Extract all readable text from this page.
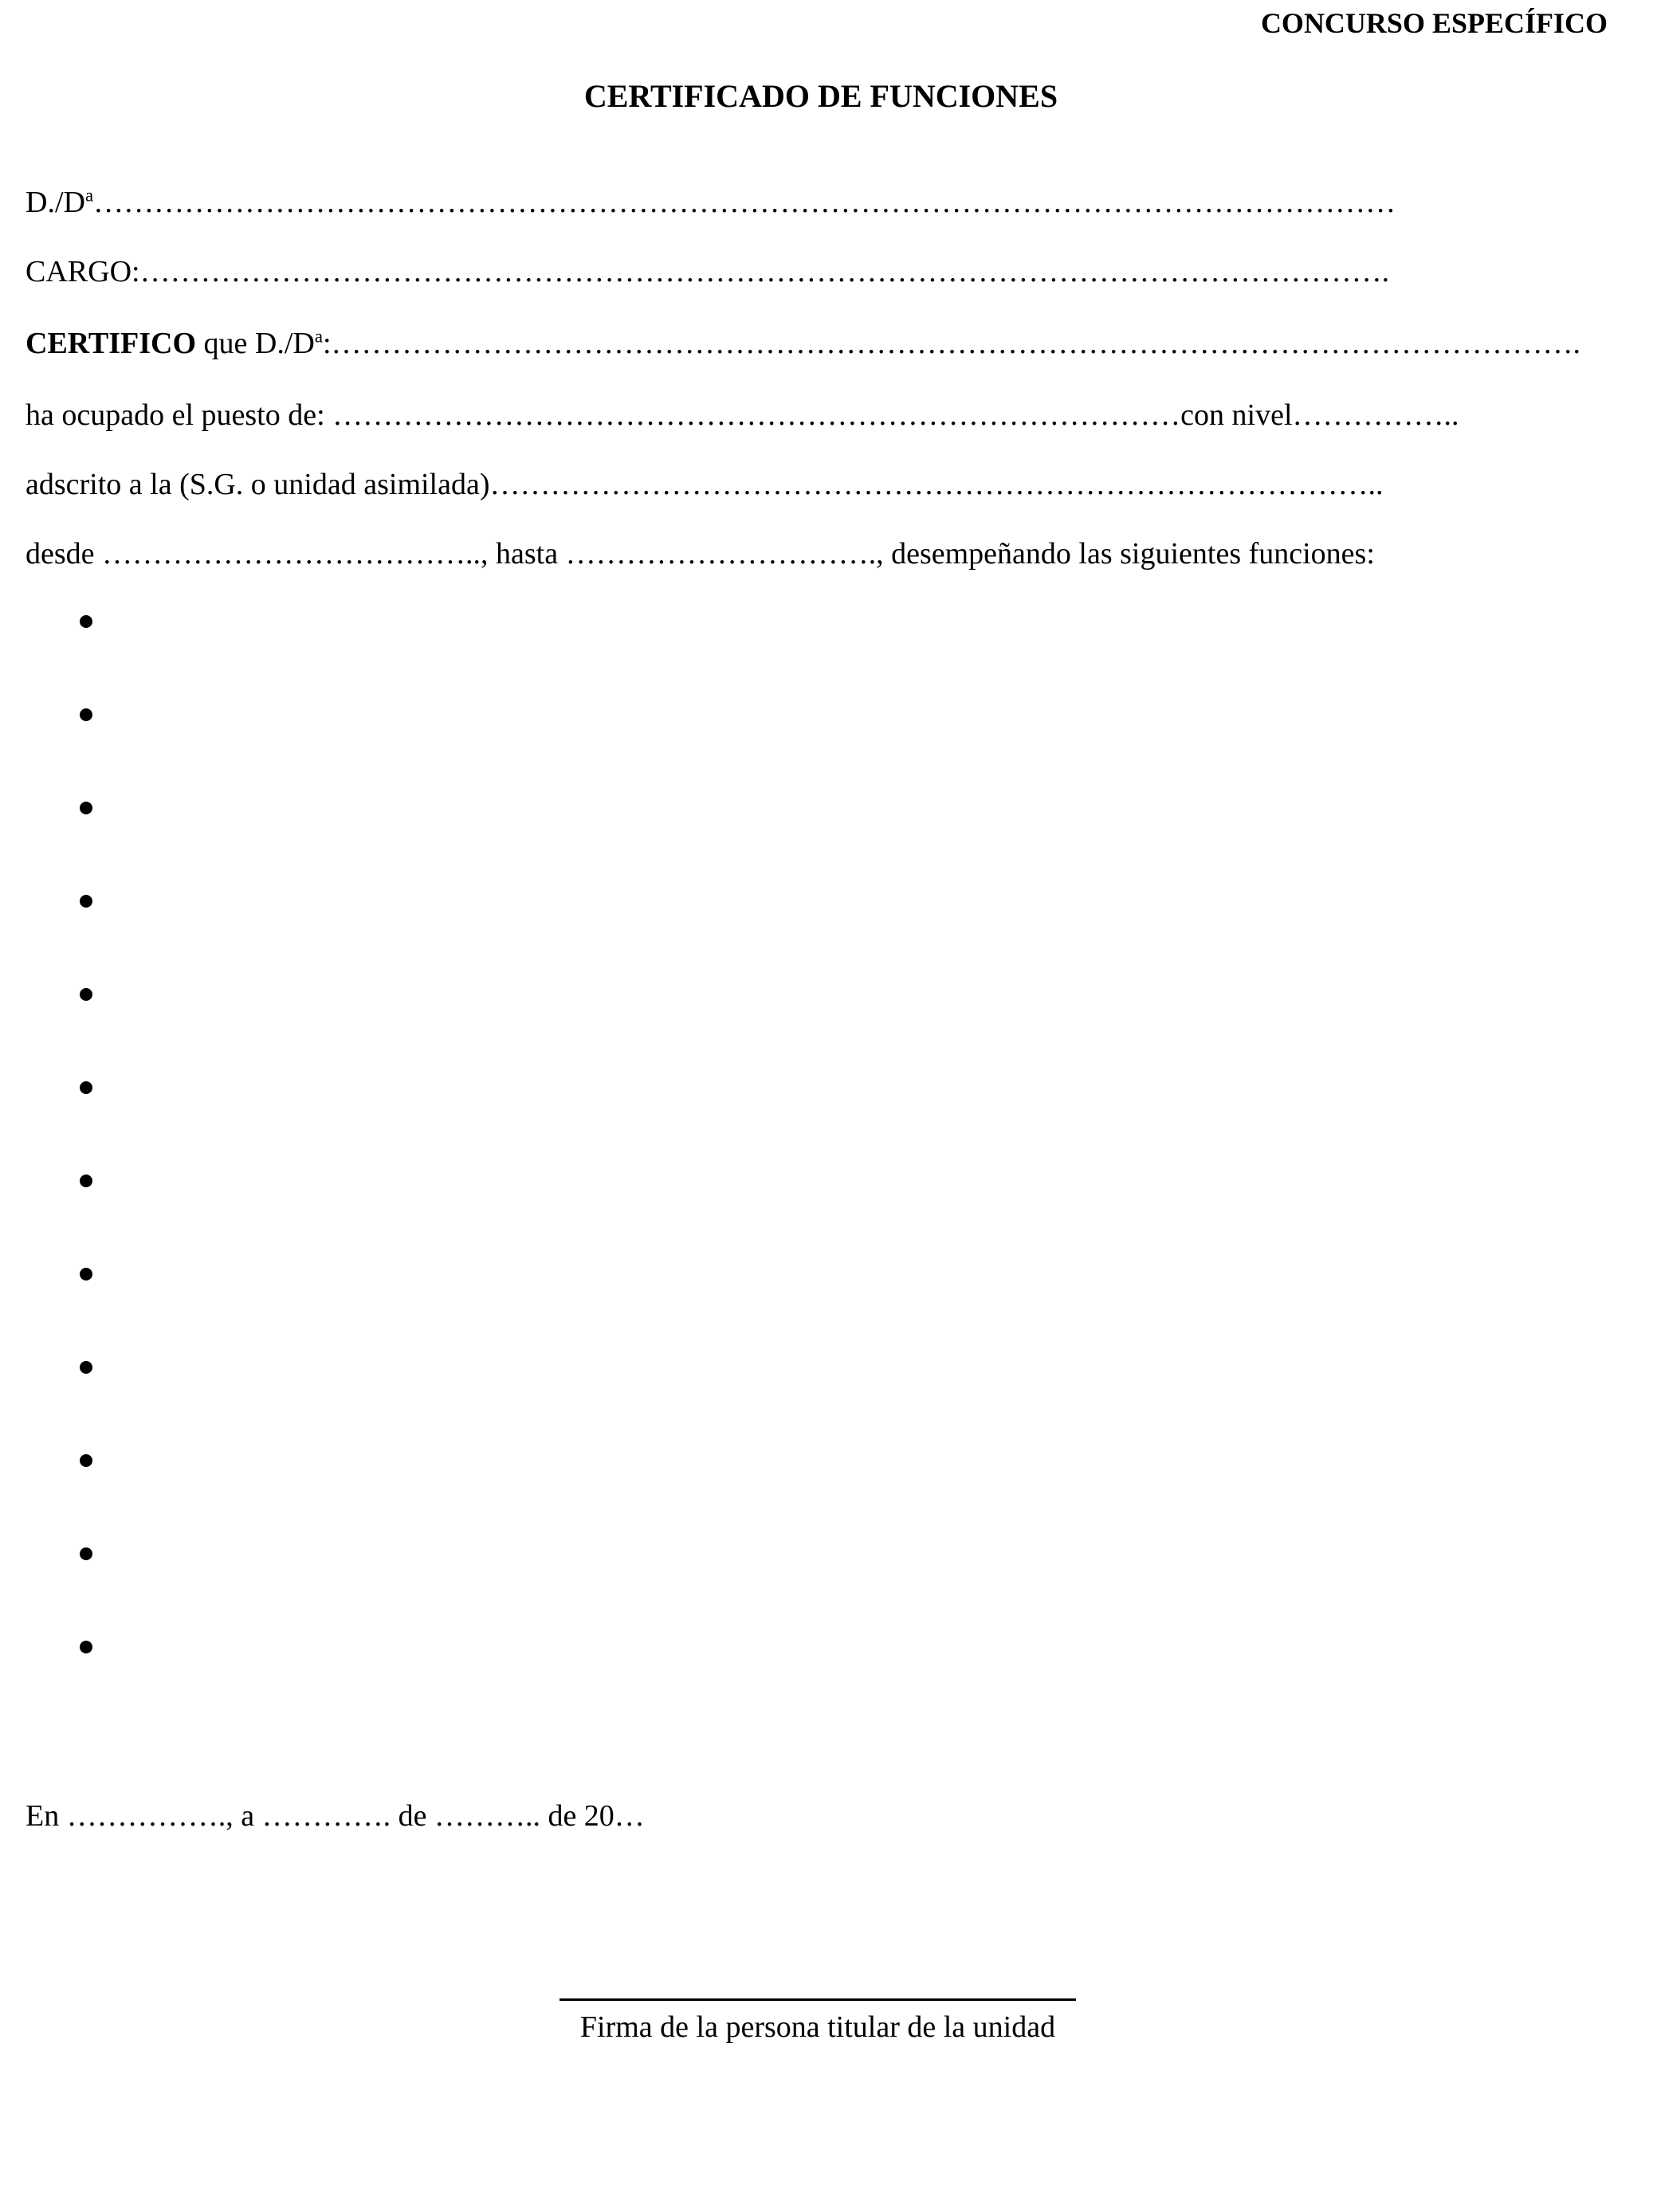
CONCURSO ESPECÍFICO
CERTIFICADO DE FUNCIONES
$D./D^a\dots\dots\dots\dots\dots\dots\dots\dots\dots\dots\dots\dots\dots\dots\dots\dots\dots\dots\dots\dots\dots\dots\dots\dots\dots\dots\dots\dots\dots\dots\dots\dots\dots\dots\dots\dots\dots\dots\dots\dots\dots\dots\dots$
CARGO:…………………………………………………………………………………………………………….
CERTIFICO que $D./D^a:\dots\dots\dots\dots\dots\dots\dots\dots\dots\dots\dots\dots\dots\dots\dots\dots\dots\dots\dots\dots\dots\dots\dots\dots\dots\dots\dots\dots\dots\dots\dots\dots\dots\dots\dots\dots\dots\dots\dots\dots\dots$.
ha ocupado el puesto de: …………………………………………………………………………con nivel……………..
adscrito a la (S.G. o unidad asimilada)……………………………………………………………………………..
desde ……………………………….., hasta …………………………., desempeñando las siguientes funciones:
En ……………., a …………. de ……….. de 20…
Firma de la persona titular de la unidad
